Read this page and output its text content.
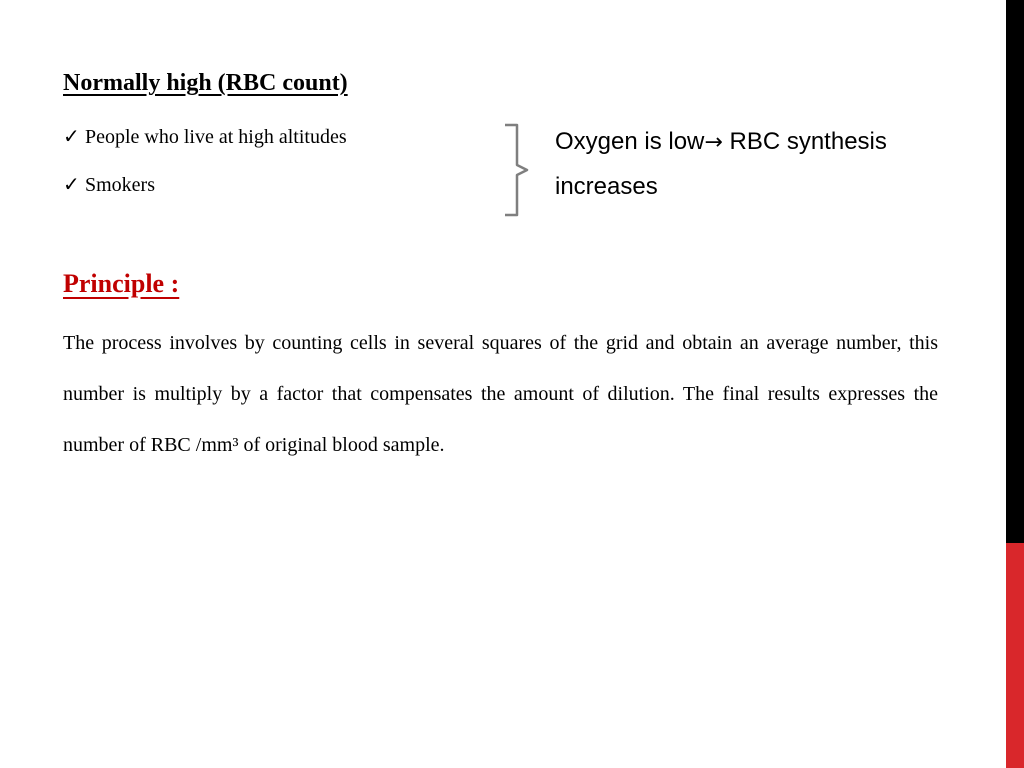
Normally high (RBC count)
✓ People who live at high altitudes
✓ Smokers
Oxygen is low→ RBC synthesis increases
Principle :

The process involves by counting cells in several squares of the grid and obtain an average number, this number is multiply by a factor that compensates the amount of dilution. The final results expresses the number of RBC /mm³ of original blood sample.
